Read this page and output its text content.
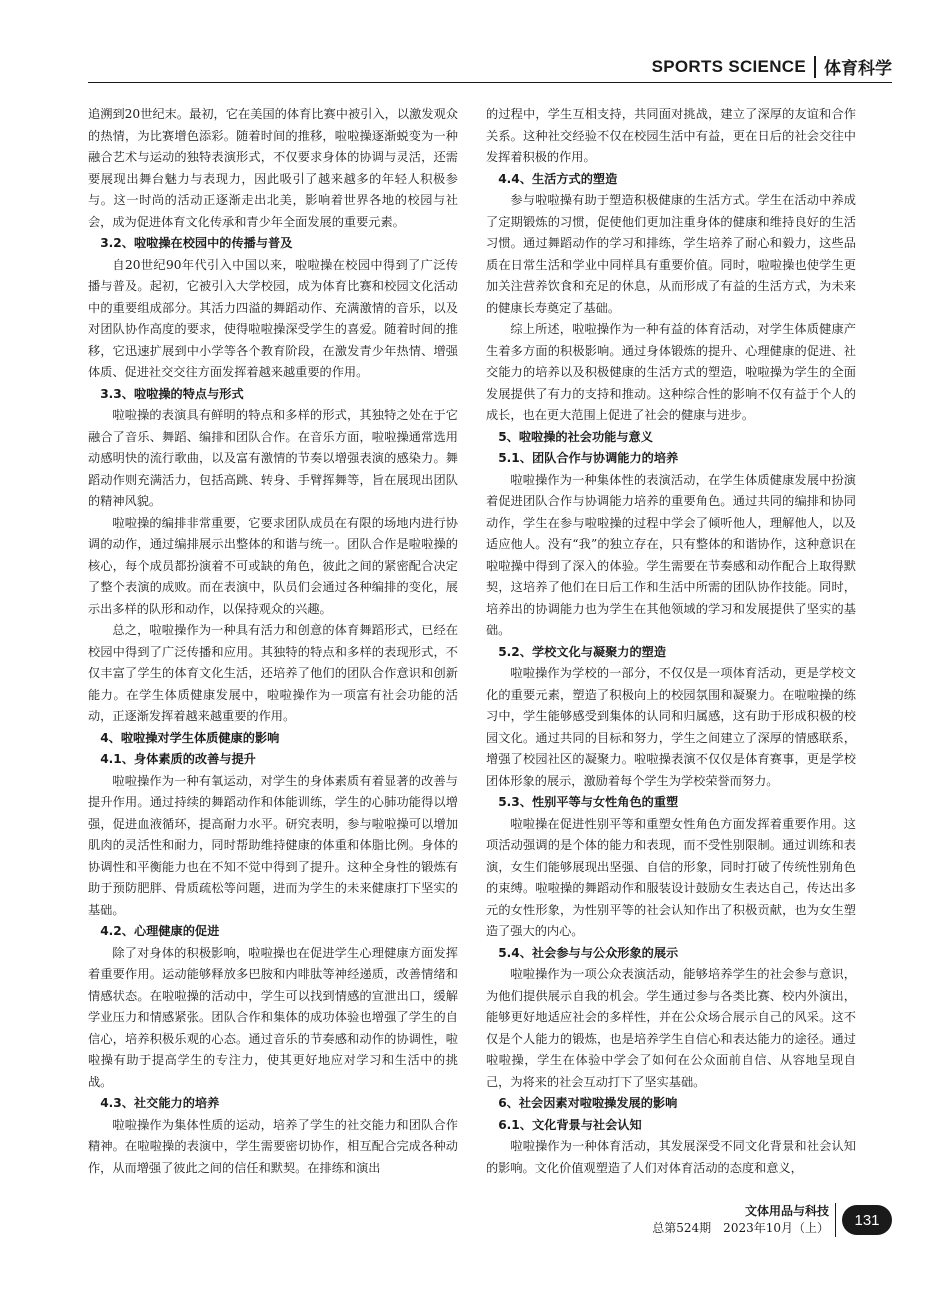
SPORTS SCIENCE 体育科学

追溯到20世纪末。最初，它在美国的体育比赛中被引入，以激发观众的热情，为比赛增色添彩。随着时间的推移，啦啦操逐渐蜕变为一种融合艺术与运动的独特表演形式，不仅要求身体的协调与灵活，还需要展现出舞台魅力与表现力，因此吸引了越来越多的年轻人积极参与。这一时尚的活动正逐渐走出北美，影响着世界各地的校园与社会，成为促进体育文化传承和青少年全面发展的重要元素。

3.2、啦啦操在校园中的传播与普及

自20世纪90年代引入中国以来，啦啦操在校园中得到了广泛传播与普及。起初，它被引入大学校园，成为体育比赛和校园文化活动中的重要组成部分。其活力四溢的舞蹈动作、充满激情的音乐，以及对团队协作高度的要求，使得啦啦操深受学生的喜爱。随着时间的推移，它迅速扩展到中小学等各个教育阶段，在激发青少年热情、增强体质、促进社交交往方面发挥着越来越重要的作用。

3.3、啦啦操的特点与形式

啦啦操的表演具有鲜明的特点和多样的形式，其独特之处在于它融合了音乐、舞蹈、编排和团队合作。在音乐方面，啦啦操通常选用动感明快的流行歌曲，以及富有激情的节奏以增强表演的感染力。舞蹈动作则充满活力，包括高跳、转身、手臂挥舞等，旨在展现出团队的精神风貌。

啦啦操的编排非常重要，它要求团队成员在有限的场地内进行协调的动作，通过编排展示出整体的和谐与统一。团队合作是啦啦操的核心，每个成员都扮演着不可或缺的角色，彼此之间的紧密配合决定了整个表演的成败。而在表演中，队员们会通过各种编排的变化，展示出多样的队形和动作，以保持观众的兴趣。

总之，啦啦操作为一种具有活力和创意的体育舞蹈形式，已经在校园中得到了广泛传播和应用。其独特的特点和多样的表现形式，不仅丰富了学生的体育文化生活，还培养了他们的团队合作意识和创新能力。在学生体质健康发展中，啦啦操作为一项富有社会功能的活动，正逐渐发挥着越来越重要的作用。

4、啦啦操对学生体质健康的影响
4.1、身体素质的改善与提升

啦啦操作为一种有氧运动，对学生的身体素质有着显著的改善与提升作用。通过持续的舞蹈动作和体能训练，学生的心肺功能得以增强，促进血液循环，提高耐力水平。研究表明，参与啦啦操可以增加肌肉的灵活性和耐力，同时帮助维持健康的体重和体脂比例。身体的协调性和平衡能力也在不知不觉中得到了提升。这种全身性的锻炼有助于预防肥胖、骨质疏松等问题，进而为学生的未来健康打下坚实的基础。

4.2、心理健康的促进

除了对身体的积极影响，啦啦操也在促进学生心理健康方面发挥着重要作用。运动能够释放多巴胺和内啡肽等神经递质，改善情绪和情感状态。在啦啦操的活动中，学生可以找到情感的宣泄出口，缓解学业压力和情感紧张。团队合作和集体的成功体验也增强了学生的自信心，培养积极乐观的心态。通过音乐的节奏感和动作的协调性，啦啦操有助于提高学生的专注力，使其更好地应对学习和生活中的挑战。

4.3、社交能力的培养

啦啦操作为集体性质的运动，培养了学生的社交能力和团队合作精神。在啦啦操的表演中，学生需要密切协作，相互配合完成各种动作，从而增强了彼此之间的信任和默契。在排练和演出

的过程中，学生互相支持，共同面对挑战，建立了深厚的友谊和合作关系。这种社交经验不仅在校园生活中有益，更在日后的社会交往中发挥着积极的作用。

4.4、生活方式的塑造

参与啦啦操有助于塑造积极健康的生活方式。学生在活动中养成了定期锻炼的习惯，促使他们更加注重身体的健康和维持良好的生活习惯。通过舞蹈动作的学习和排练，学生培养了耐心和毅力，这些品质在日常生活和学业中同样具有重要价值。同时，啦啦操也使学生更加关注营养饮食和充足的休息，从而形成了有益的生活方式，为未来的健康长寿奠定了基础。

综上所述，啦啦操作为一种有益的体育活动，对学生体质健康产生着多方面的积极影响。通过身体锻炼的提升、心理健康的促进、社交能力的培养以及积极健康的生活方式的塑造，啦啦操为学生的全面发展提供了有力的支持和推动。这种综合性的影响不仅有益于个人的成长，也在更大范围上促进了社会的健康与进步。

5、啦啦操的社会功能与意义
5.1、团队合作与协调能力的培养

啦啦操作为一种集体性的表演活动，在学生体质健康发展中扮演着促进团队合作与协调能力培养的重要角色。通过共同的编排和协同动作，学生在参与啦啦操的过程中学会了倾听他人，理解他人，以及适应他人。没有“我”的独立存在，只有整体的和谐协作，这种意识在啦啦操中得到了深入的体验。学生需要在节奏感和动作配合上取得默契，这培养了他们在日后工作和生活中所需的团队协作技能。同时，培养出的协调能力也为学生在其他领域的学习和发展提供了坚实的基础。

5.2、学校文化与凝聚力的塑造

啦啦操作为学校的一部分，不仅仅是一项体育活动，更是学校文化的重要元素，塑造了积极向上的校园氛围和凝聚力。在啦啦操的练习中，学生能够感受到集体的认同和归属感，这有助于形成积极的校园文化。通过共同的目标和努力，学生之间建立了深厚的情感联系，增强了校园社区的凝聚力。啦啦操表演不仅仅是体育赛事，更是学校团体形象的展示，激励着每个学生为学校荣誉而努力。

5.3、性别平等与女性角色的重塑

啦啦操在促进性别平等和重塑女性角色方面发挥着重要作用。这项活动强调的是个体的能力和表现，而不受性别限制。通过训练和表演，女生们能够展现出坚强、自信的形象，同时打破了传统性别角色的束缚。啦啦操的舞蹈动作和服装设计鼓励女生表达自己，传达出多元的女性形象，为性别平等的社会认知作出了积极贡献，也为女生塑造了强大的内心。

5.4、社会参与与公众形象的展示

啦啦操作为一项公众表演活动，能够培养学生的社会参与意识，为他们提供展示自我的机会。学生通过参与各类比赛、校内外演出，能够更好地适应社会的多样性，并在公众场合展示自己的风采。这不仅是个人能力的锻炼，也是培养学生自信心和表达能力的途径。通过啦啦操，学生在体验中学会了如何在公众面前自信、从容地呈现自己，为将来的社会互动打下了坚实基础。

6、社会因素对啦啦操发展的影响
6.1、文化背景与社会认知

啦啦操作为一种体育活动，其发展深受不同文化背景和社会认知的影响。文化价值观塑造了人们对体育活动的态度和意义，

文体用品与科技
总第524期　2023年10月（上）	131
